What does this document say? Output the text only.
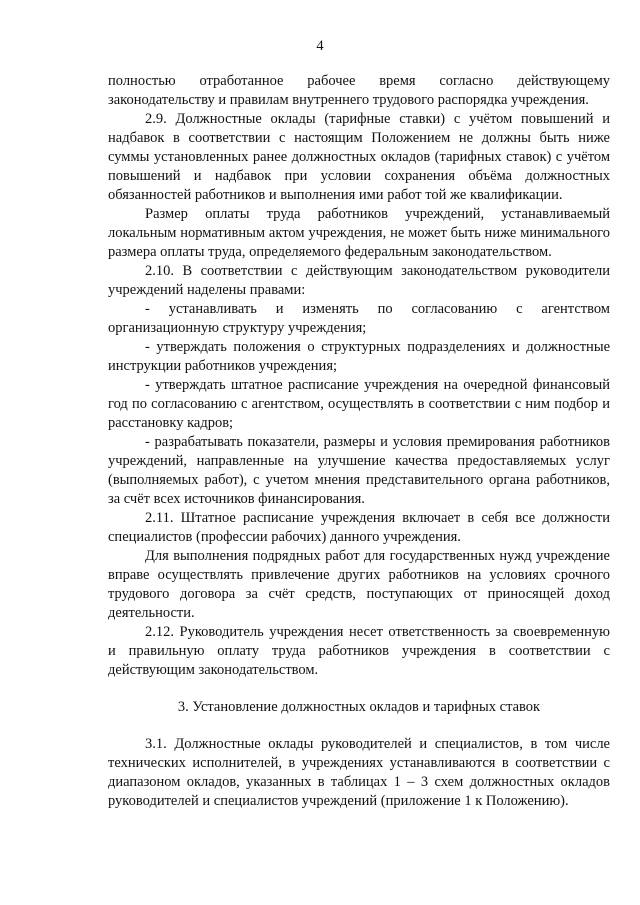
4

полностью отработанное рабочее время согласно действующему законодательству и правилам внутреннего трудового распорядка учреждения.

2.9. Должностные оклады (тарифные ставки) с учётом повышений и надбавок в соответствии с настоящим Положением не должны быть ниже суммы установленных ранее должностных окладов (тарифных ставок) с учётом повышений и надбавок при условии сохранения объёма должностных обязанностей работников и выполнения ими работ той же квалификации.

Размер оплаты труда работников учреждений, устанавливаемый локальным нормативным актом учреждения, не может быть ниже минимального размера оплаты труда, определяемого федеральным законодательством.

2.10. В соответствии с действующим законодательством руководители учреждений наделены правами:

- устанавливать и изменять по согласованию с агентством организационную структуру учреждения;

- утверждать положения о структурных подразделениях и должностные инструкции работников учреждения;

- утверждать штатное расписание учреждения на очередной финансовый год по согласованию с агентством, осуществлять в соответствии с ним подбор и расстановку кадров;

- разрабатывать показатели, размеры и условия премирования работников учреждений, направленные на улучшение качества предоставляемых услуг (выполняемых работ), с учетом мнения представительного органа работников, за счёт всех источников финансирования.

2.11. Штатное расписание учреждения включает в себя все должности специалистов (профессии рабочих) данного учреждения.

Для выполнения подрядных работ для государственных нужд учреждение вправе осуществлять привлечение других работников на условиях срочного трудового договора за счёт средств, поступающих от приносящей доход деятельности.

2.12. Руководитель учреждения несет ответственность за своевременную и правильную оплату труда работников учреждения в соответствии с действующим законодательством.

3. Установление должностных окладов и тарифных ставок

3.1. Должностные оклады руководителей и специалистов, в том числе технических исполнителей, в учреждениях устанавливаются в соответствии с диапазоном окладов, указанных в таблицах 1 – 3 схем должностных окладов руководителей и специалистов учреждений (приложение 1 к Положению).
